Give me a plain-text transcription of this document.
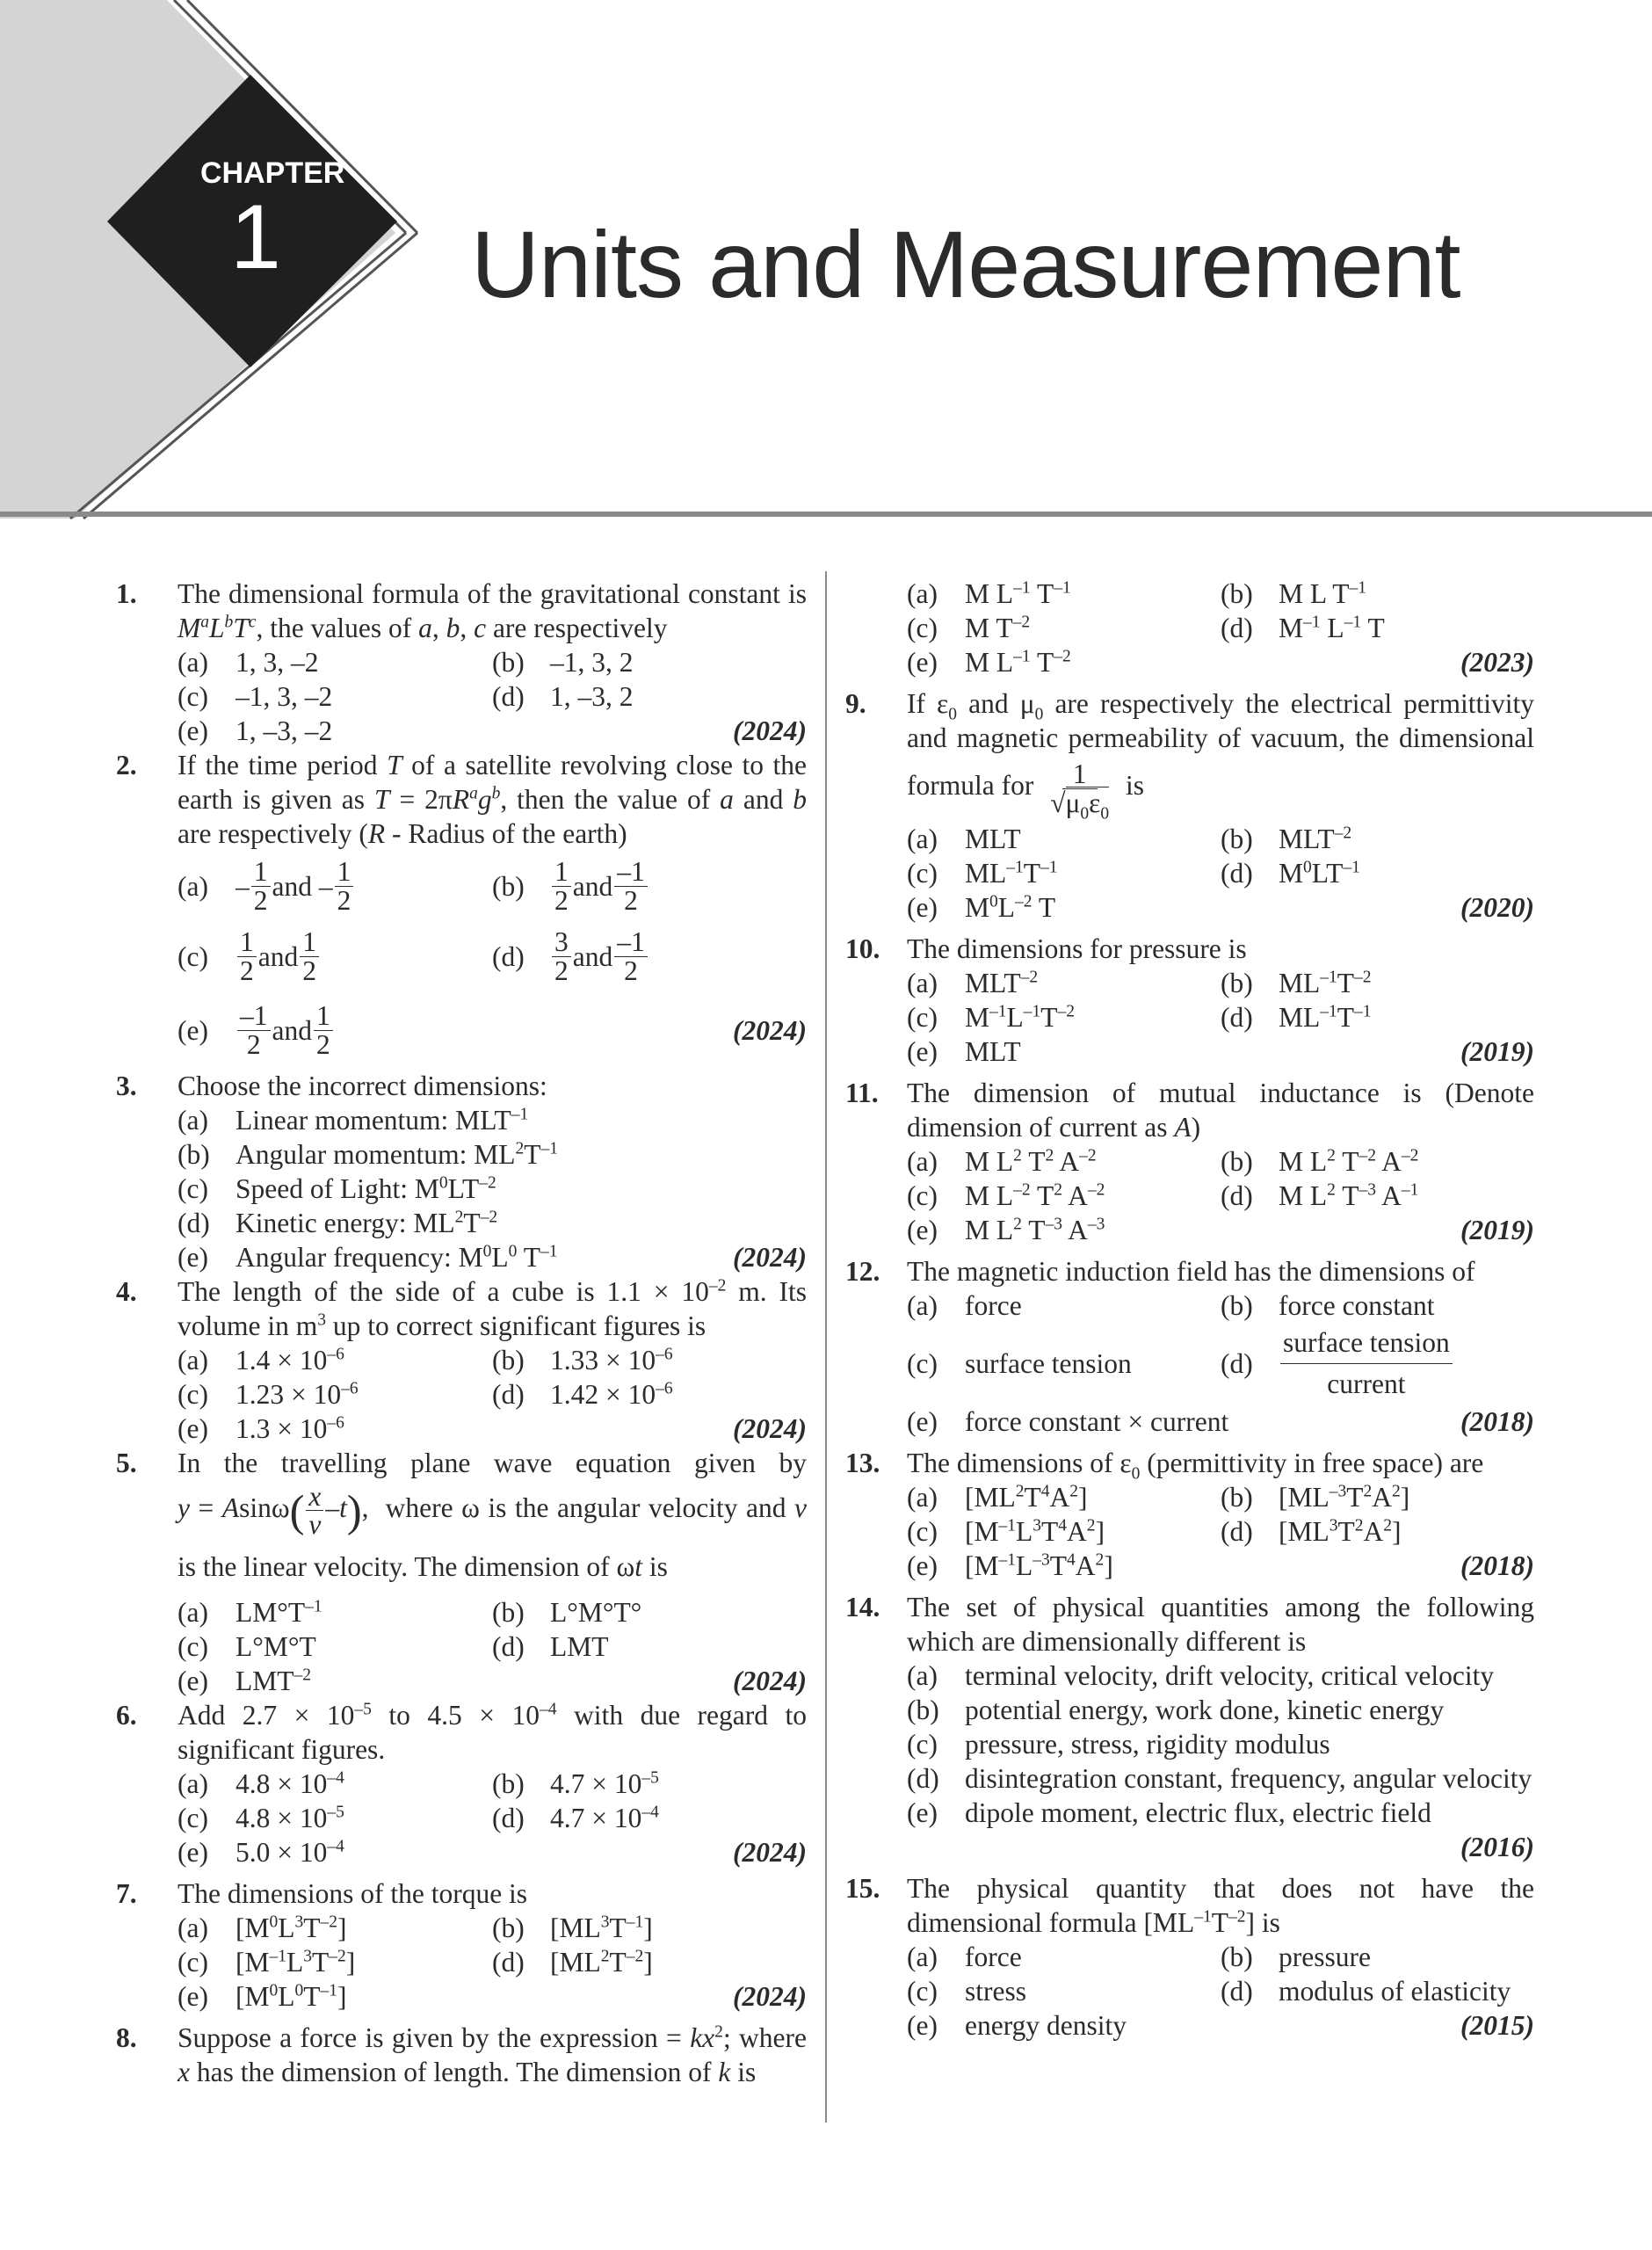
CHAPTER
1 Units and Measurement
1. The dimensional formula of the gravitational constant is $M^aL^bT^c$, the values of a, b, c are respectively
(a) 1, 3, –2	(b) –1, 3, 2
(c) –1, 3, –2	(d) 1, –3, 2
(e) 1, –3, –2	(2024)
2. If the time period T of a satellite revolving close to the earth is given as $T = 2\pi R^ag^b$, then the value of a and b are respectively (R - Radius of the earth)
$(a) - \frac{1}{2}$ and – $\frac{1}{2}$	$(b) \frac{1}{2}$ and $\frac{-1}{2}$
(c)	$\frac{1}{2}$ and $\frac{1}{2}$	$(d) \frac{3}{2}$ and $\frac{-1}{2}$
(e)	$\frac{-1}{2}$ and $\frac{1}{2}$	(2024)
3. Choose the incorrect dimensions:
(a) Linear momentum: $MLT^{-1}$
(b) Angular momentum: $ML^2T^{-1}$
(c) Speed of Light: $M^0LT^{-2}$
(d) Kinetic energy: $ML^2T^{-2}$
(e) Angular frequency: $M^0L^0$ $T^{-1}$	(2024)
4. The length of the side of a cube is $1.1 \times 10^{-2}$ m. Its volume in $m^3$ up to correct significant figures is
(a) $1.4 \times 10^{-6}$	(b) $1.33 \times 10^{-6}$
(c) $1.23 \times 10^{-6}$	(d) $1.42 \times 10^{-6}$
(e) $1.3 \times 10^{-6}$	(2024)
5. In the travelling plane wave equation given by
$y = Asin\omega( \frac{x}{v} -t)$,  where ω is the angular velocity and v is the linear velocity. The dimension of ωt is
(a) $LM^\circ T^{-1}$	(b) L°M°T°
(c) L°M°T	(d) LMT
(e) $LMT^{-2}$	(2024)
6. Add $2.7 \times 10^{-5}$ to $4.5 \times 10^{-4}$ with due regard to significant figures.
(a) $4.8 \times 10^{-4}$	(b) $4.7 \times 10^{-5}$
(c) $4.8 \times 10^{-5}$	(d) $4.7 \times 10^{-4}$
(e) $5.0 \times 10^{-4}$	(2024)
7. The dimensions of the torque is
(a) $[M^0L^3T^{-2}]$	(b) $[ML^3T^{-1}]$
(c) $[M^{-1}L^3T^{-2}]$	(d) $[ML^2T^{-2}]$
(e) $[M^0L^0T^{-1}]$	(2024)
8. Suppose a force is given by the expression = $kx^2$; where x has the dimension of length. The dimension of k is
(a) M $L^{-1}$ $T^{-1}$	(b) M L $T^{-1}$
(c) M $T^{-2}$	(d) $M^{-1}$ $L^{-1}$ T
(e) M $L^{-1}$ $T^{-2}$	(2023)
9. If $\varepsilon_0$ and $\mu_0$ are respectively the electrical permittivity and magnetic permeability of vacuum, the dimensional formula for $\frac{1}{√\mu_0\varepsilon_0}$ is
(a) MLT	(b) $MLT^{-2}$
(c) $ML^{-1}T^{-1}$	(d) $M^0LT^{-1}$
(e) $M^0L^{-2}$ T	(2020)
10. The dimensions for pressure is
(a) $MLT^{-2}$	(b) $ML^{-1}T^{-2}$
(c) $M^{-1}L^{-1}T^{-2}$	(d) $ML^{-1}T^{-1}$
(e) MLT	(2019)
11. The dimension of mutual inductance is (Denote dimension of current as A)
(a) M $L^2$ $T^2$ $A^{-2}$	(b) M $L^2$ $T^{-2}$ $A^{-2}$
(c) M $L^{-2}$ $T^2$ $A^{-2}$	(d) M $L^2$ $T^{-3}$ $A^{-1}$
(e) M $L^2$ $T^{-3}$ $A^{-3}$	(2019)
12. The magnetic induction field has the dimensions of
(a) force	(b) force constant
(c) surface tension	$(d) \frac{\text{surface tension}}{\text{current}}$
(e) force constant × current	(2018)
13. The dimensions of $\varepsilon_0$ (permittivity in free space) are
(a) $[ML^2T^4A^2]$	(b) $[ML^{-3}T^2A^2]$
(c) $[M^{-1}L^3T^4A^2]$	(d) $[ML^3T^2A^2]$
(e) $[M^{-1}L^{-3}T^4A^2]$	(2018)
14. The set of physical quantities among the following which are dimensionally different is
(a) terminal velocity, drift velocity, critical velocity
(b) potential energy, work done, kinetic energy
(c) pressure, stress, rigidity modulus
(d) disintegration constant, frequency, angular velocity
(e) dipole moment, electric flux, electric field
(2016)
15. The physical quantity that does not have the dimensional formula $[ML^{-1}T^{-2}]$ is
(a) force	(b) pressure
(c) stress	(d) modulus of elasticity
(e) energy density	(2015)
